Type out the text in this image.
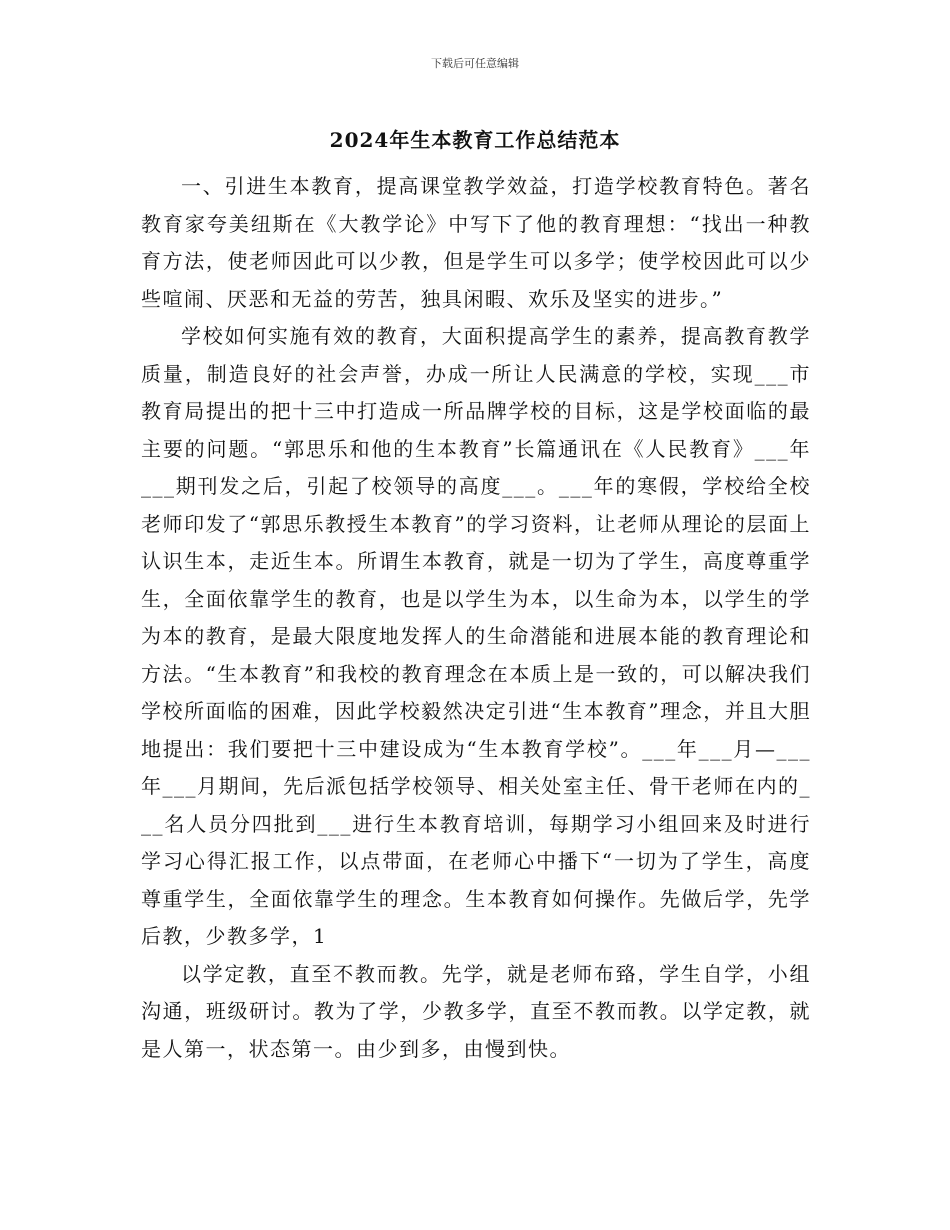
下载后可任意编辑
2024年生本教育工作总结范本

一、引进生本教育，提高课堂教学效益，打造学校教育特色。著名教育家夸美纽斯在《大教学论》中写下了他的教育理想：“找出一种教育方法，使老师因此可以少教，但是学生可以多学；使学校因此可以少些喧闹、厌恶和无益的劳苦，独具闲暇、欢乐及坚实的进步。”

学校如何实施有效的教育，大面积提高学生的素养，提高教育教学质量，制造良好的社会声誉，办成一所让人民满意的学校，实现___市教育局提出的把十三中打造成一所品牌学校的目标，这是学校面临的最主要的问题。“郭思乐和他的生本教育”长篇通讯在《人民教育》___年___期刊发之后，引起了校领导的高度___。___年的寒假，学校给全校老师印发了“郭思乐教授生本教育”的学习资料，让老师从理论的层面上认识生本，走近生本。所谓生本教育，就是一切为了学生，高度尊重学生，全面依靠学生的教育，也是以学生为本，以生命为本，以学生的学为本的教育，是最大限度地发挥人的生命潜能和进展本能的教育理论和方法。“生本教育”和我校的教育理念在本质上是一致的，可以解决我们学校所面临的困难，因此学校毅然决定引进“生本教育”理念，并且大胆地提出：我们要把十三中建设成为“生本教育学校”。___年___月—___年___月期间，先后派包括学校领导、相关处室主任、骨干老师在内的___名人员分四批到___进行生本教育培训，每期学习小组回来及时进行学习心得汇报工作，以点带面，在老师心中播下“一切为了学生，高度尊重学生，全面依靠学生的理念。生本教育如何操作。先做后学，先学后教，少教多学，1

以学定教，直至不教而教。先学，就是老师布臵，学生自学，小组沟通，班级研讨。教为了学，少教多学，直至不教而教。以学定教，就是人第一，状态第一。由少到多，由慢到快。
